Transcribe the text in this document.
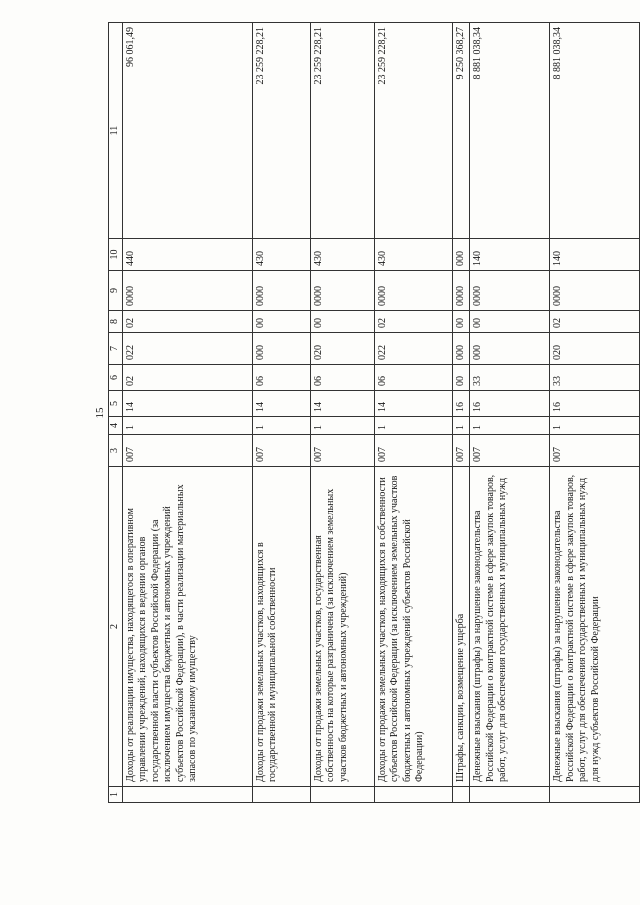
15
1	2	3	4	5	6	7	8	9	10	11
	Доходы от реализации имущества, находящегося в оперативном управлении учреждений, находящихся в ведении органов государственной власти субъектов Российской Федерации (за исключением имущества бюджетных и автономных учреждений субъектов Российской Федерации), в части реализации материальных запасов по указанному имуществу	007	1	14	02	022	02	0000	440	96 061,49
	Доходы от продажи земельных участков, находящихся в государственной и муниципальной собственности	007	1	14	06	000	00	0000	430	23 259 228,21
	Доходы от продажи земельных участков, государственная собственность на которые разграничена (за исключением земельных участков бюджетных и автономных учреждений)	007	1	14	06	020	00	0000	430	23 259 228,21
	Доходы от продажи земельных участков, находящихся в собственности субъектов Российской Федерации (за исключением земельных участков бюджетных и автономных учреждений субъектов Российской Федерации)	007	1	14	06	022	02	0000	430	23 259 228,21
	Штрафы, санкции, возмещение ущерба	007	1	16	00	000	00	0000	000	9 250 368,27
	Денежные взыскания (штрафы) за нарушение законодательства Российской Федерации о контрактной системе в сфере закупок товаров, работ, услуг для обеспечения государственных и муниципальных нужд	007	1	16	33	000	00	0000	140	8 881 038,34
	Денежные взыскания (штрафы) за нарушение законодательства Российской Федерации о контрактной системе в сфере закупок товаров, работ, услуг для обеспечения государственных и муниципальных нужд для нужд субъектов Российской Федерации	007	1	16	33	020	02	0000	140	8 881 038,34
